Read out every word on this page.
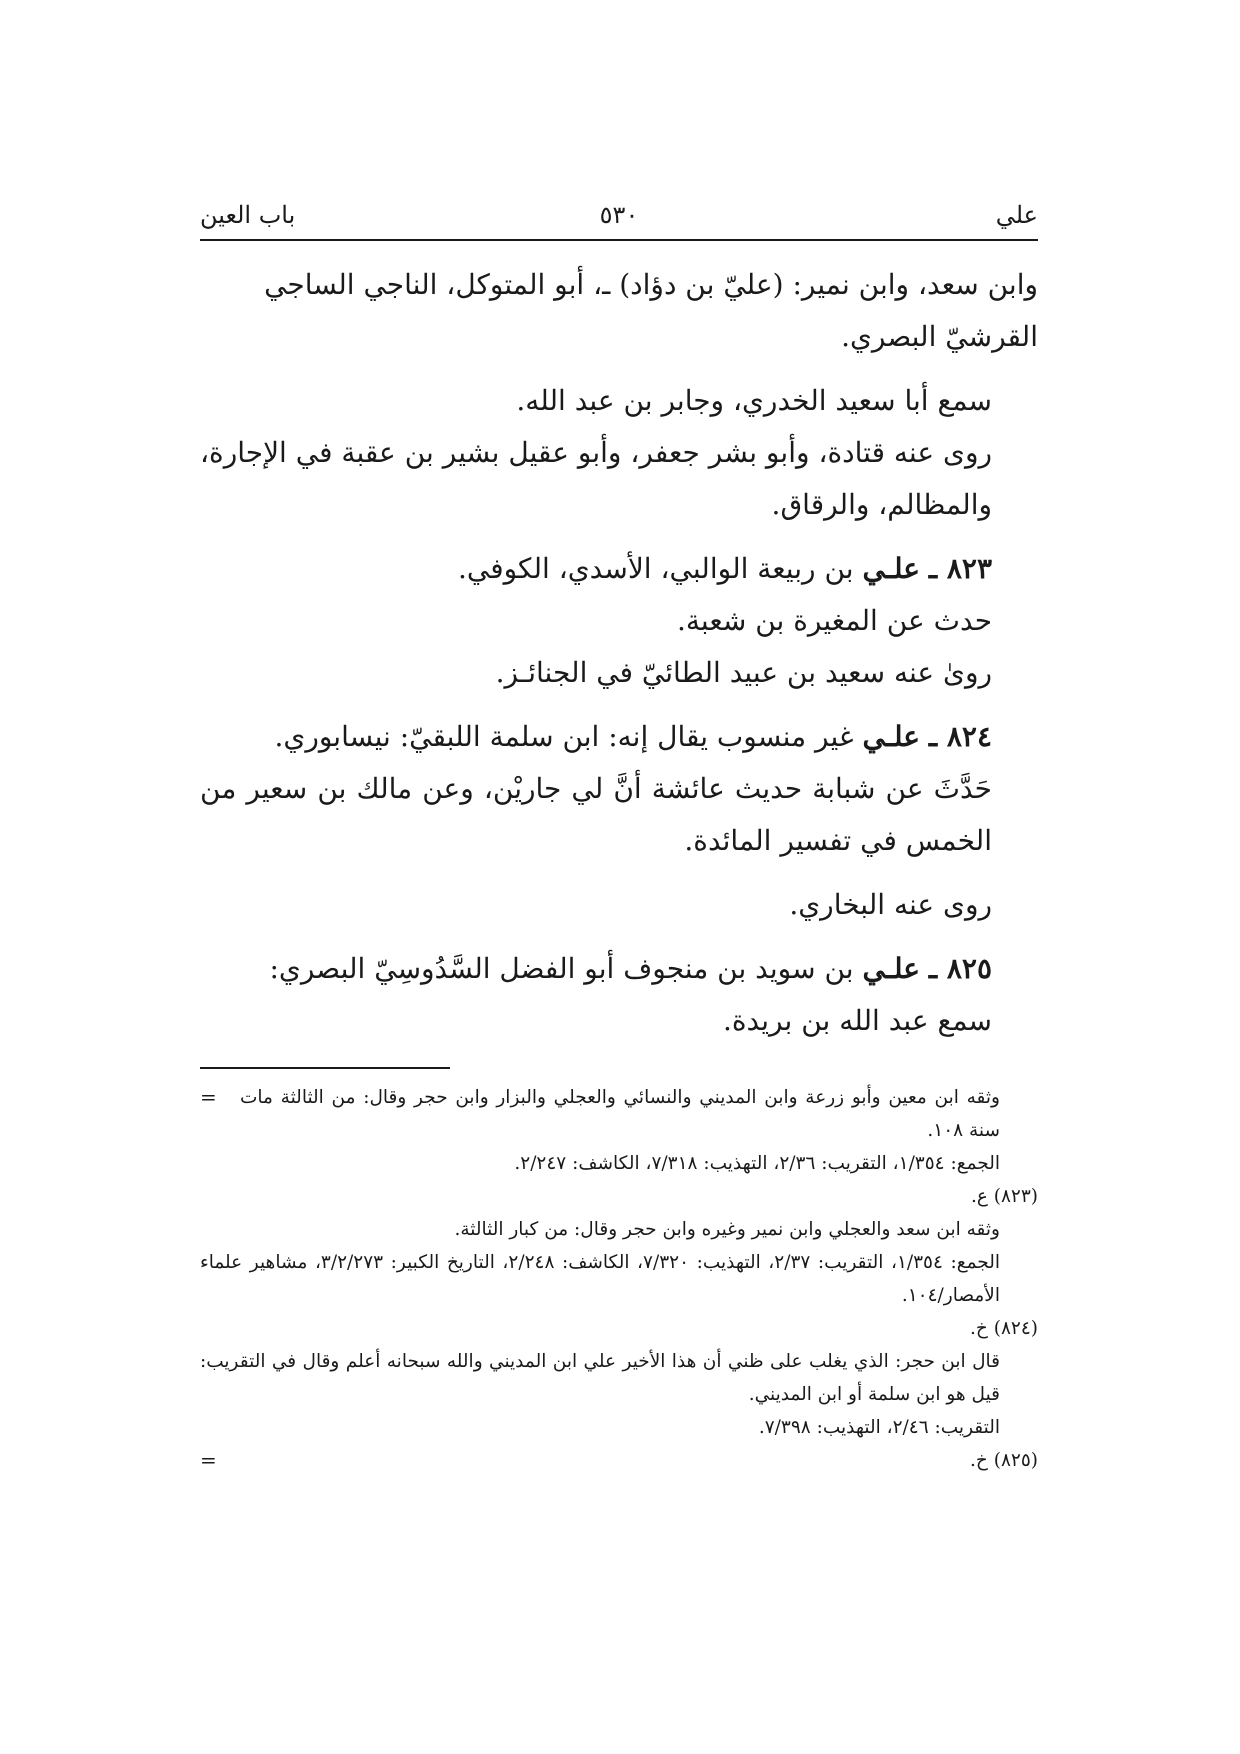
علي
٥٣٠
باب العين

وابن سعد، وابن نمير: (عليّ بن دؤاد) ـ، أبو المتوكل، الناجي الساجي

القرشيّ البصري.

سمع أبا سعيد الخدري، وجابر بن عبد الله.

روى عنه قتادة، وأبو بشر جعفر، وأبو عقيل بشير بن عقبة في الإجارة، والمظالم، والرقاق.

٨٢٣ ـ علـي بن ربيعة الوالبي، الأسدي، الكوفي.

حدث عن المغيرة بن شعبة.

روىٰ عنه سعيد بن عبيد الطائيّ في الجنائـز.

٨٢٤ ـ علـي غير منسوب يقال إنه: ابن سلمة اللبقيّ: نيسابوري.

حَدَّثَ عن شبابة حديث عائشة أنَّ لي جاريْن، وعن مالك بن سعير من الخمس في تفسير المائدة.

روى عنه البخاري.

٨٢٥ ـ علـي بن سويد بن منجوف أبو الفضل السَّدُوسِيّ البصري:

سمع عبد الله بن بريدة.

=	وثقه ابن معين وأبو زرعة وابن المديني والنسائي والعجلي والبزار وابن حجر وقال: من الثالثة مات سنة ١٠٨.

الجمع: ١/٣٥٤، التقريب: ٢/٣٦، التهذيب: ٧/٣١٨، الكاشف: ٢/٢٤٧.

(٨٢٣) ع.

وثقه ابن سعد والعجلي وابن نمير وغيره وابن حجر وقال: من كبار الثالثة.

الجمع: ١/٣٥٤، التقريب: ٢/٣٧، التهذيب: ٧/٣٢٠، الكاشف: ٢/٢٤٨، التاريخ الكبير: ٣/٢/٢٧٣، مشاهير علماء الأمصار/١٠٤.

(٨٢٤) خ.

قال ابن حجر: الذي يغلب على ظني أن هذا الأخير علي ابن المديني والله سبحانه أعلم وقال في التقريب: قيل هو ابن سلمة أو ابن المديني.

التقريب: ٢/٤٦، التهذيب: ٧/٣٩٨.

=	(٨٢٥) خ.
